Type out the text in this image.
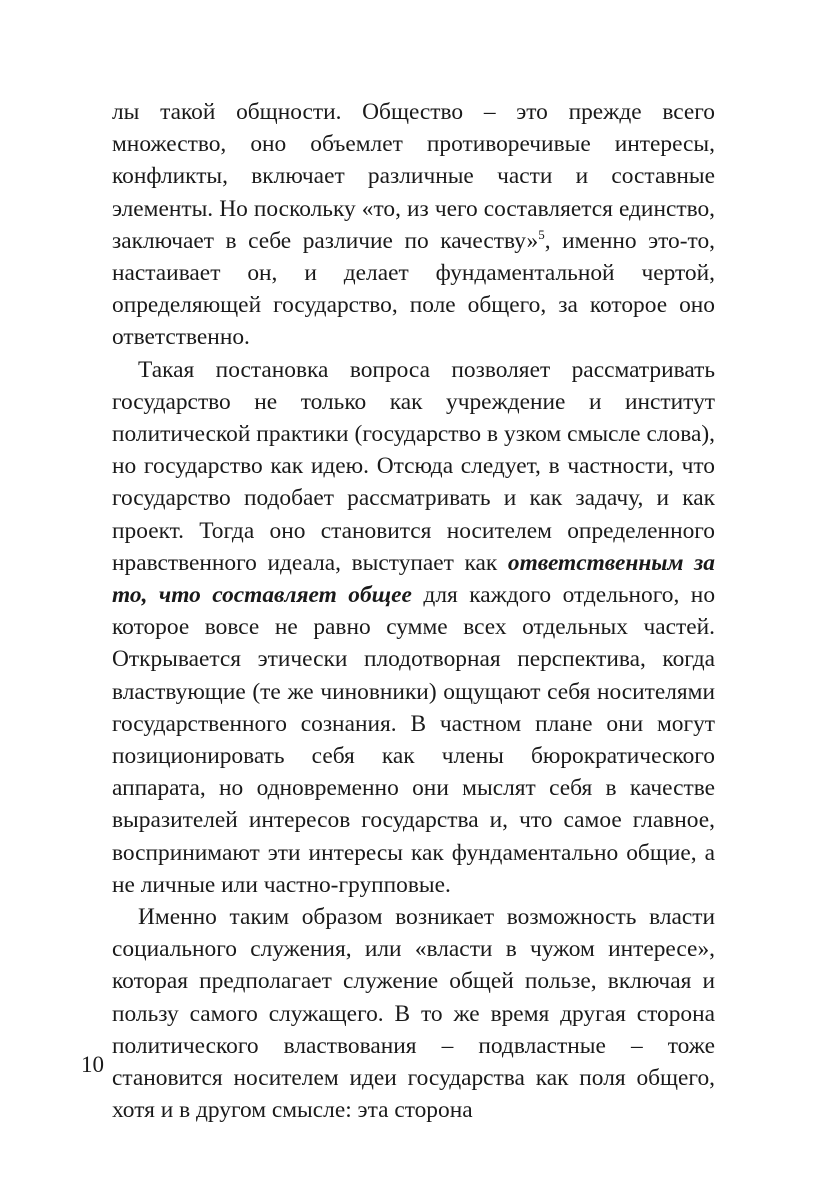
лы такой общности. Общество – это прежде всего множество, оно объемлет противоречивые интересы, конфликты, включает различные части и составные элементы. Но поскольку «то, из чего составляется единство, заключает в себе различие по качеству»$^5$, именно это-то, настаивает он, и делает фундаментальной чертой, определяющей государство, поле общего, за которое оно ответственно.

Такая постановка вопроса позволяет рассматривать государство не только как учреждение и институт политической практики (государство в узком смысле слова), но государство как идею. Отсюда следует, в частности, что государство подобает рассматривать и как задачу, и как проект. Тогда оно становится носителем определенного нравственного идеала, выступает как ответственным за то, что составляет общее для каждого отдельного, но которое вовсе не равно сумме всех отдельных частей. Открывается этически плодотворная перспектива, когда властвующие (те же чиновники) ощущают себя носителями государственного сознания. В частном плане они могут позиционировать себя как члены бюрократического аппарата, но одновременно они мыслят себя в качестве выразителей интересов государства и, что самое главное, воспринимают эти интересы как фундаментально общие, а не личные или частно-групповые.

Именно таким образом возникает возможность власти социального служения, или «власти в чужом интересе», которая предполагает служение общей пользе, включая и пользу самого служащего. В то же время другая сторона политического властвования – подвластные – тоже становится носителем идеи государства как поля общего, хотя и в другом смысле: эта сторона

10
